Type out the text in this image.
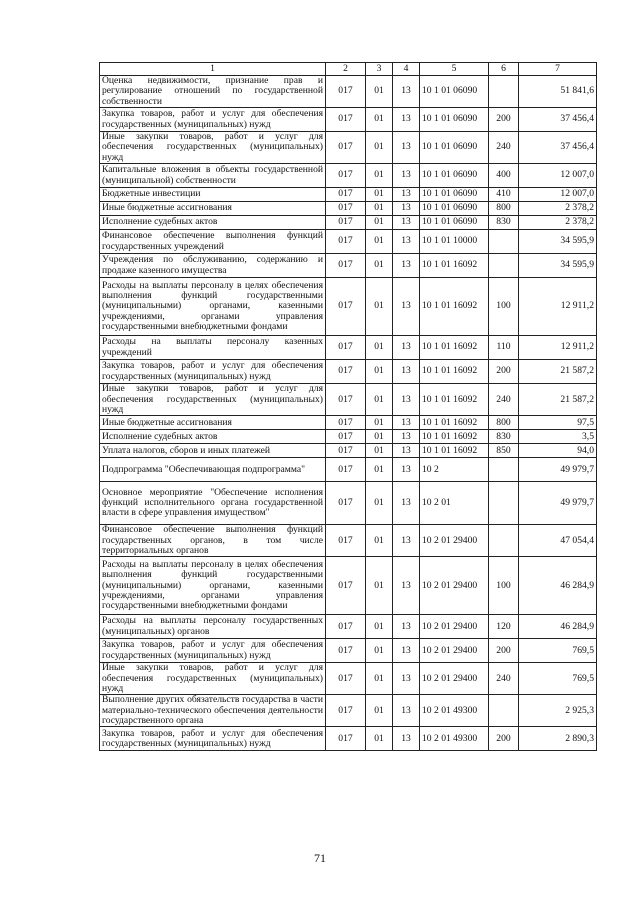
1	2	3	4	5	6	7
Оценка недвижимости, признание прав и регулирование отношений по государственной собственности	017	01	13	10 1 01 06090		51 841,6
Закупка товаров, работ и услуг для обеспечения государственных (муниципальных) нужд	017	01	13	10 1 01 06090	200	37 456,4
Иные закупки товаров, работ и услуг для обеспечения государственных (муниципальных) нужд	017	01	13	10 1 01 06090	240	37 456,4
Капитальные вложения в объекты государственной (муниципальной) собственности	017	01	13	10 1 01 06090	400	12 007,0
Бюджетные инвестиции	017	01	13	10 1 01 06090	410	12 007,0
Иные бюджетные ассигнования	017	01	13	10 1 01 06090	800	2 378,2
Исполнение судебных актов	017	01	13	10 1 01 06090	830	2 378,2
Финансовое обеспечение выполнения функций государственных учреждений	017	01	13	10 1 01 10000		34 595,9
Учреждения по обслуживанию, содержанию и продаже казенного имущества	017	01	13	10 1 01 16092		34 595,9
Расходы на выплаты персоналу в целях обеспечения выполнения функций государственными (муниципальными) органами, казенными учреждениями, органами управления государственными внебюджетными фондами	017	01	13	10 1 01 16092	100	12 911,2
Расходы на выплаты персоналу казенных учреждений	017	01	13	10 1 01 16092	110	12 911,2
Закупка товаров, работ и услуг для обеспечения государственных (муниципальных) нужд	017	01	13	10 1 01 16092	200	21 587,2
Иные закупки товаров, работ и услуг для обеспечения государственных (муниципальных) нужд	017	01	13	10 1 01 16092	240	21 587,2
Иные бюджетные ассигнования	017	01	13	10 1 01 16092	800	97,5
Исполнение судебных актов	017	01	13	10 1 01 16092	830	3,5
Уплата налогов, сборов и иных платежей	017	01	13	10 1 01 16092	850	94,0
Подпрограмма "Обеспечивающая подпрограмма"	017	01	13	10 2		49 979,7
Основное мероприятие "Обеспечение исполнения функций исполнительного органа государственной власти в сфере управления имуществом"	017	01	13	10 2 01		49 979,7
Финансовое обеспечение выполнения функций государственных органов, в том числе территориальных органов	017	01	13	10 2 01 29400		47 054,4
Расходы на выплаты персоналу в целях обеспечения выполнения функций государственными (муниципальными) органами, казенными учреждениями, органами управления государственными внебюджетными фондами	017	01	13	10 2 01 29400	100	46 284,9
Расходы на выплаты персоналу государственных (муниципальных) органов	017	01	13	10 2 01 29400	120	46 284,9
Закупка товаров, работ и услуг для обеспечения государственных (муниципальных) нужд	017	01	13	10 2 01 29400	200	769,5
Иные закупки товаров, работ и услуг для обеспечения государственных (муниципальных) нужд	017	01	13	10 2 01 29400	240	769,5
Выполнение других обязательств государства в части материально-технического обеспечения деятельности государственного органа	017	01	13	10 2 01 49300		2 925,3
Закупка товаров, работ и услуг для обеспечения государственных (муниципальных) нужд	017	01	13	10 2 01 49300	200	2 890,3
71
